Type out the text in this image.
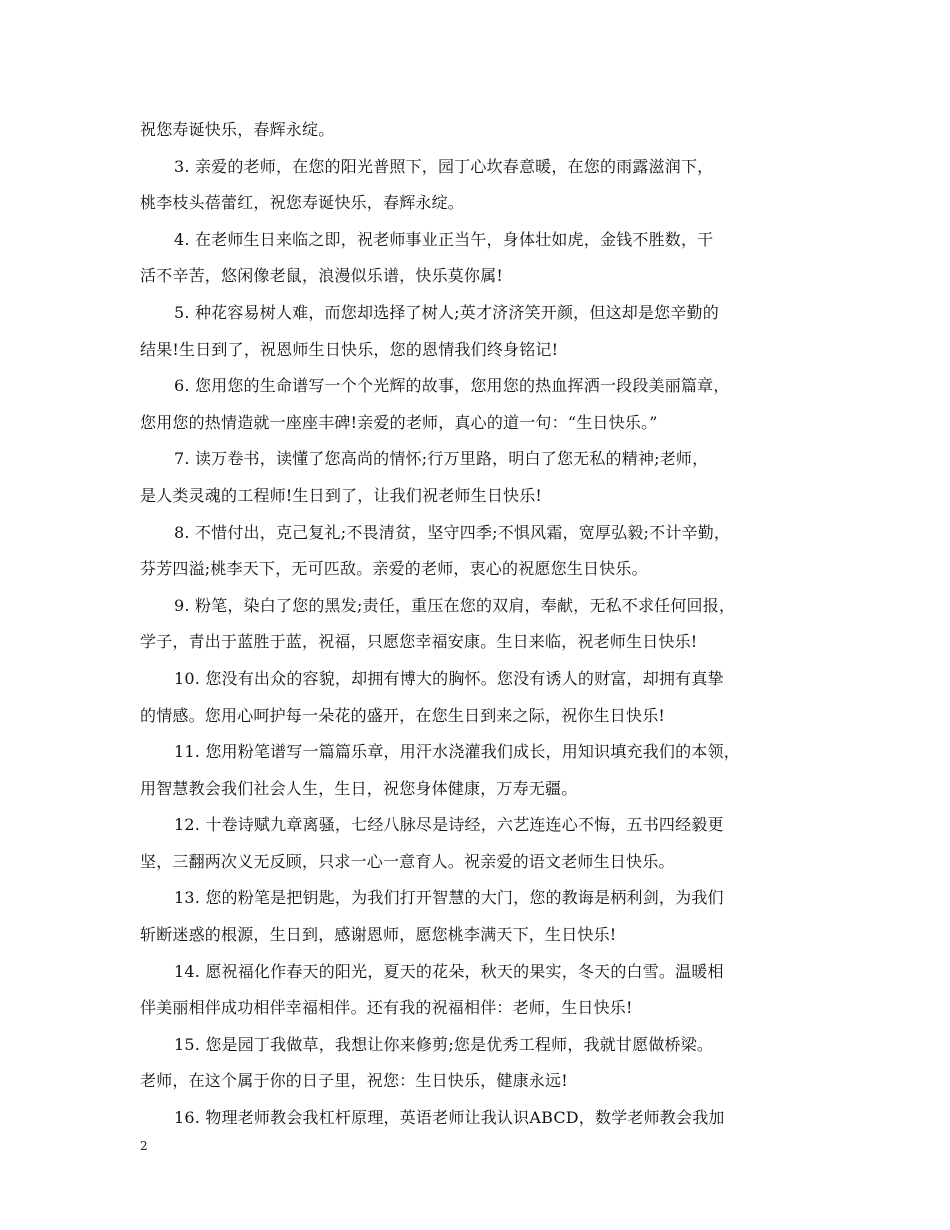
祝您寿诞快乐，春辉永绽。
3. 亲爱的老师，在您的阳光普照下，园丁心坎春意暖，在您的雨露滋润下，
桃李枝头蓓蕾红，祝您寿诞快乐，春辉永绽。
4. 在老师生日来临之即，祝老师事业正当午，身体壮如虎，金钱不胜数，干
活不辛苦，悠闲像老鼠，浪漫似乐谱，快乐莫你属!
5. 种花容易树人难，而您却选择了树人;英才济济笑开颜，但这却是您辛勤的
结果!生日到了，祝恩师生日快乐，您的恩情我们终身铭记!
6. 您用您的生命谱写一个个光辉的故事，您用您的热血挥洒一段段美丽篇章，
您用您的热情造就一座座丰碑!亲爱的老师，真心的道一句：“生日快乐。”
7. 读万卷书，读懂了您高尚的情怀;行万里路，明白了您无私的精神;老师，
是人类灵魂的工程师!生日到了，让我们祝老师生日快乐!
8. 不惜付出，克己复礼;不畏清贫，坚守四季;不惧风霜，宽厚弘毅;不计辛勤，
芬芳四溢;桃李天下，无可匹敌。亲爱的老师，衷心的祝愿您生日快乐。
9. 粉笔，染白了您的黑发;责任，重压在您的双肩，奉献，无私不求任何回报，
学子，青出于蓝胜于蓝，祝福，只愿您幸福安康。生日来临，祝老师生日快乐!
10. 您没有出众的容貌，却拥有博大的胸怀。您没有诱人的财富，却拥有真挚
的情感。您用心呵护每一朵花的盛开，在您生日到来之际，祝你生日快乐!
11. 您用粉笔谱写一篇篇乐章，用汗水浇灌我们成长，用知识填充我们的本领，
用智慧教会我们社会人生，生日，祝您身体健康，万寿无疆。
12. 十卷诗赋九章离骚，七经八脉尽是诗经，六艺连连心不悔，五书四经毅更
坚，三翻两次义无反顾，只求一心一意育人。祝亲爱的语文老师生日快乐。
13. 您的粉笔是把钥匙，为我们打开智慧的大门，您的教诲是柄利剑，为我们
斩断迷惑的根源，生日到，感谢恩师，愿您桃李满天下，生日快乐!
14. 愿祝福化作春天的阳光，夏天的花朵，秋天的果实，冬天的白雪。温暖相
伴美丽相伴成功相伴幸福相伴。还有我的祝福相伴：老师，生日快乐!
15. 您是园丁我做草，我想让你来修剪;您是优秀工程师，我就甘愿做桥梁。
老师，在这个属于你的日子里，祝您：生日快乐，健康永远!
16. 物理老师教会我杠杆原理，英语老师让我认识ABCD，数学老师教会我加
2
